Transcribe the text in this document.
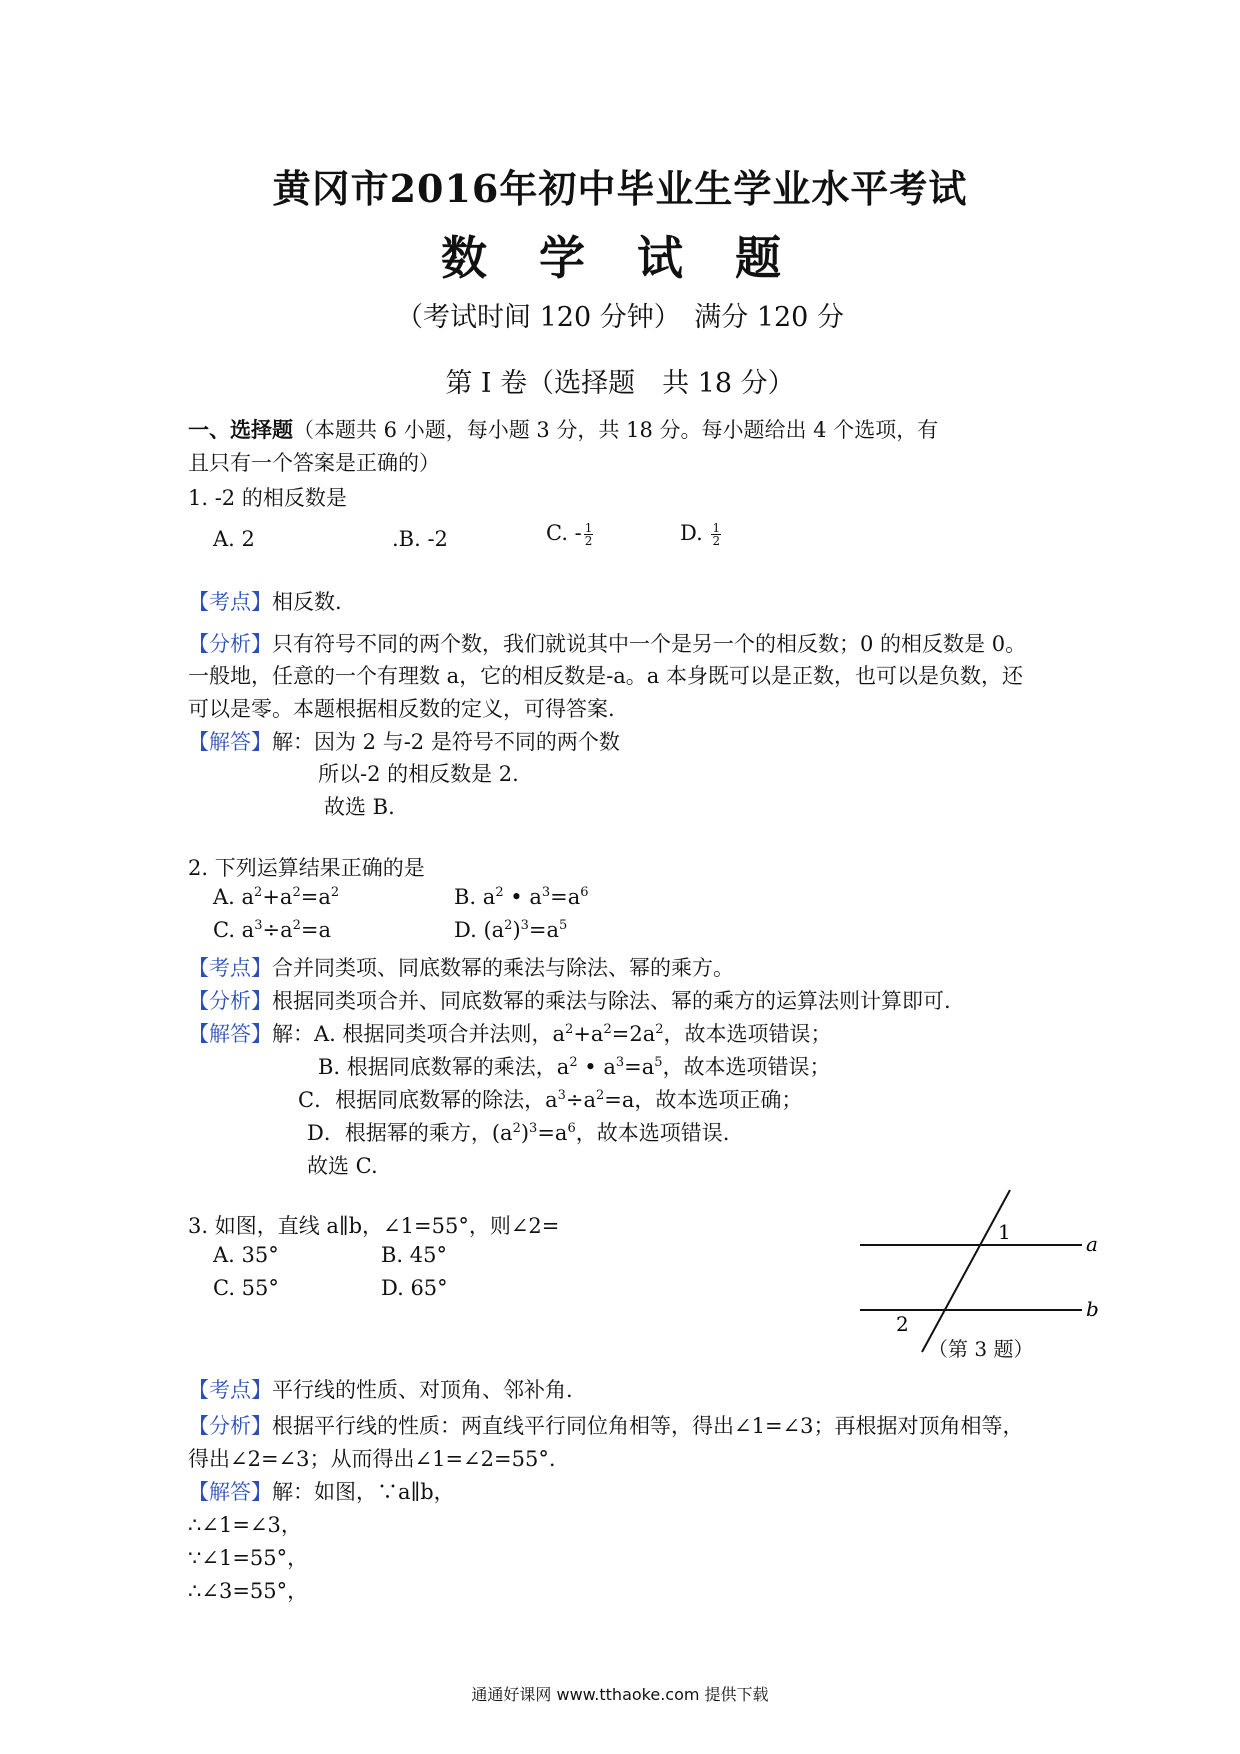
黄冈市2016年初中毕业生学业水平考试
数 学 试 题
（考试时间 120 分钟）　满分 120 分
第 I 卷（选择题　共 18 分）
一、选择题（本题共 6 小题，每小题 3 分，共 18 分。每小题给出 4 个选项，有
且只有一个答案是正确的）
1. -2 的相反数是
A. 2	.B. -2	C. - $\frac{1}{2}$	D. $\frac{1}{2}$
【考点】相反数.
【分析】只有符号不同的两个数，我们就说其中一个是另一个的相反数；0 的相反数是 0。
一般地，任意的一个有理数 a，它的相反数是-a。a 本身既可以是正数，也可以是负数，还
可以是零。本题根据相反数的定义，可得答案.
【解答】解：因为 2 与-2 是符号不同的两个数
所以-2 的相反数是 2.
故选 B.
2. 下列运算结果正确的是
A. $a^2+a^2=a^2$	B. $a^2$ • $a^3=a^6$
C. $a^3\div a^2=a$	D. $(a^2)^3=a^5$
【考点】合并同类项、同底数幂的乘法与除法、幂的乘方。
【分析】根据同类项合并、同底数幂的乘法与除法、幂的乘方的运算法则计算即可.
【解答】解：A. 根据同类项合并法则，$a^2+a^2=2a^2$，故本选项错误；
B. 根据同底数幂的乘法，$a^2$ • $a^3=a^5$，故本选项错误；
C．根据同底数幂的除法，$a^3\div a^2=a$，故本选项正确；
D．根据幂的乘方，$(a^2)^3=a^6$，故本选项错误.
故选 C.
3. 如图，直线 a∥b，∠1=55°，则∠2=
A. 35°	B. 45°
C. 55°	D. 65°
1	a
b
2
（第 3 题）
【考点】平行线的性质、对顶角、邻补角.
【分析】根据平行线的性质：两直线平行同位角相等，得出∠1=∠3；再根据对顶角相等，
得出∠2=∠3；从而得出∠1=∠2=55°.
【解答】解：如图，∵a∥b，
∴∠1=∠3，
∵∠1=55°，
∴∠3=55°，
通通好课网 www.tthaoke.com 提供下载
